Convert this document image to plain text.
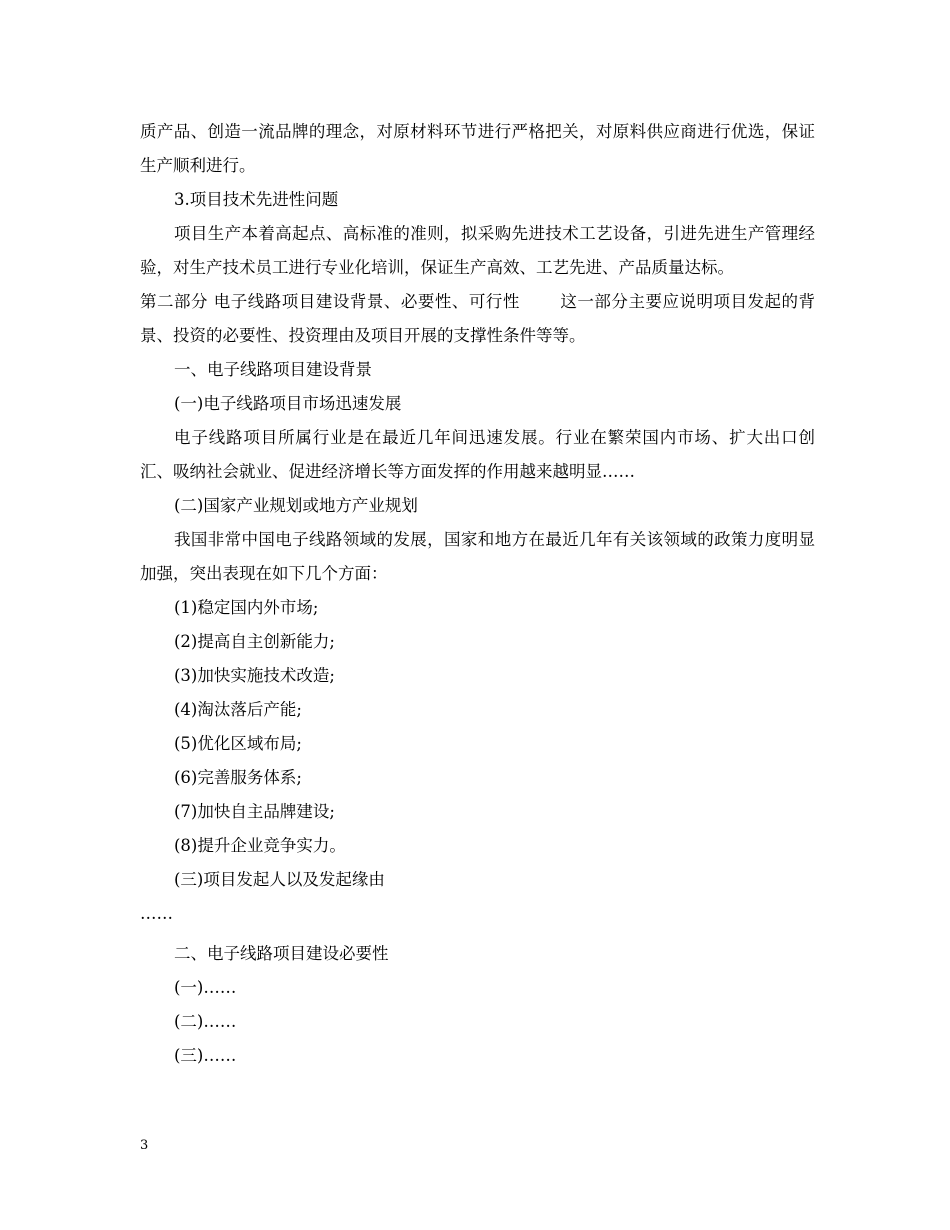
质产品、创造一流品牌的理念，对原材料环节进行严格把关，对原料供应商进行优选，保证生产顺利进行。

3.项目技术先进性问题

项目生产本着高起点、高标准的准则，拟采购先进技术工艺设备，引进先进生产管理经验，对生产技术员工进行专业化培训，保证生产高效、工艺先进、产品质量达标。

第二部分 电子线路项目建设背景、必要性、可行性 这一部分主要应说明项目发起的背景、投资的必要性、投资理由及项目开展的支撑性条件等等。

一、电子线路项目建设背景

(一)电子线路项目市场迅速发展

电子线路项目所属行业是在最近几年间迅速发展。行业在繁荣国内市场、扩大出口创汇、吸纳社会就业、促进经济增长等方面发挥的作用越来越明显……

(二)国家产业规划或地方产业规划

我国非常中国电子线路领域的发展，国家和地方在最近几年有关该领域的政策力度明显加强，突出表现在如下几个方面：

(1)稳定国内外市场;

(2)提高自主创新能力;

(3)加快实施技术改造;

(4)淘汰落后产能;

(5)优化区域布局;

(6)完善服务体系;

(7)加快自主品牌建设;

(8)提升企业竞争实力。

(三)项目发起人以及发起缘由

……

二、电子线路项目建设必要性

(一)……

(二)……

(三)……

3
